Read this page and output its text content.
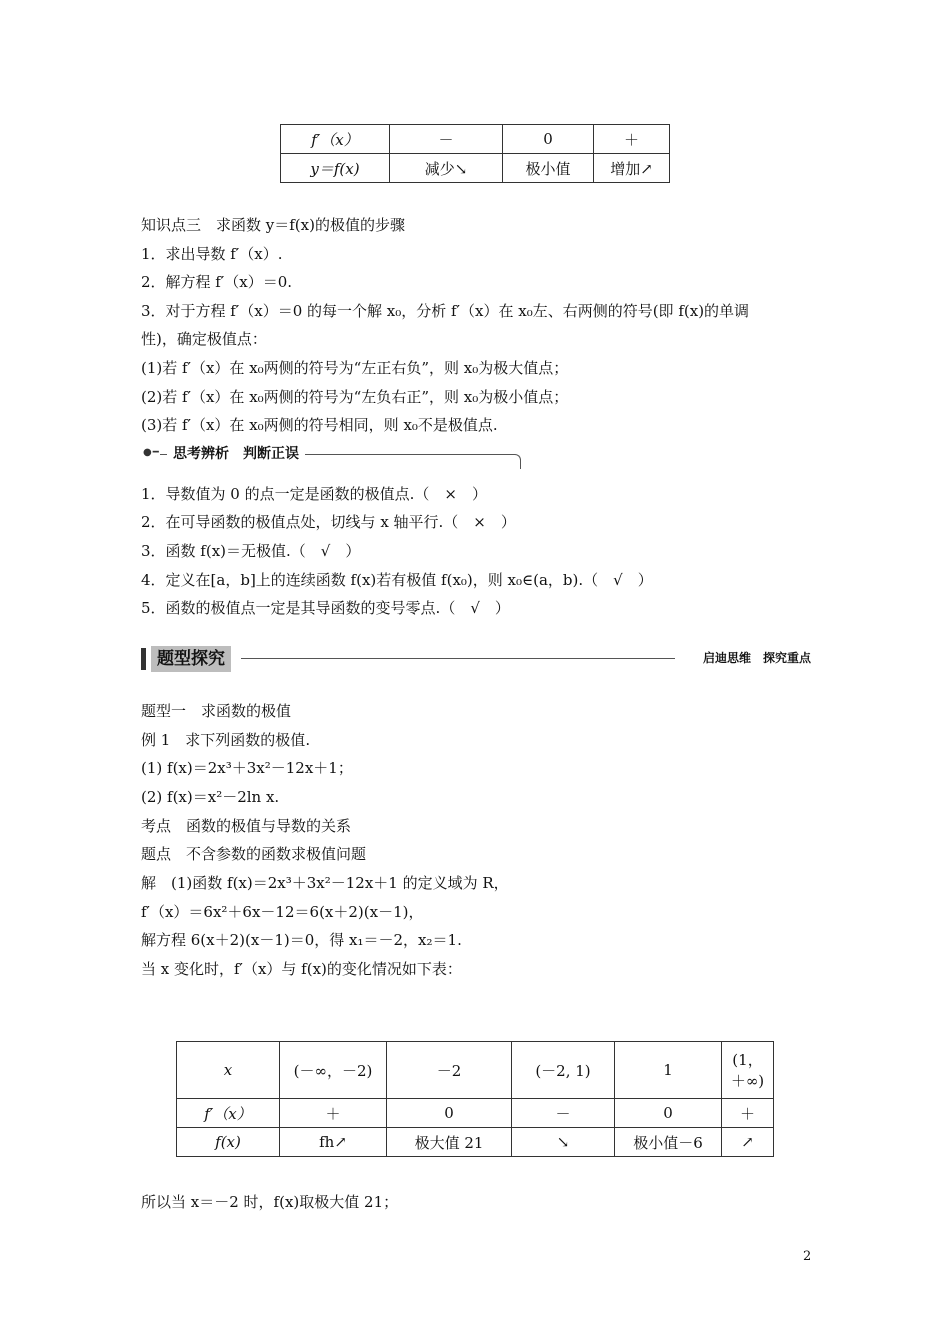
f′（x）	－	0	＋
y＝f(x)	减少↘	极小值	增加↗
知识点三　求函数 y＝f(x)的极值的步骤
1．求出导数 f′（x）.
2．解方程 f′（x）＝0.
3．对于方程 f′（x）＝0 的每一个解 x₀，分析 f′（x）在 x₀左、右两侧的符号(即 f(x)的单调
性)，确定极值点：
(1)若 f′（x）在 x₀两侧的符号为“左正右负”，则 x₀为极大值点；
(2)若 f′（x）在 x₀两侧的符号为“左负右正”，则 x₀为极小值点；
(3)若 f′（x）在 x₀两侧的符号相同，则 x₀不是极值点.
●━ 思考辨析　判断正误
1．导数值为 0 的点一定是函数的极值点.（　×　）
2．在可导函数的极值点处，切线与 x 轴平行.（　×　）
3．函数 f(x)＝无极值.（　√　）
4．定义在[a，b]上的连续函数 f(x)若有极值 f(x₀)，则 x₀∈(a，b).（　√　）
5．函数的极值点一定是其导函数的变号零点.（　√　）
题型探究	启迪思维　探究重点
题型一　求函数的极值
例 1　求下列函数的极值.
(1) f(x)＝2x³＋3x²－12x＋1；
(2) f(x)＝x²－2ln x.
考点　函数的极值与导数的关系
题点　不含参数的函数求极值问题
解　(1)函数 f(x)＝2x³＋3x²－12x＋1 的定义域为 R，
f′（x）＝6x²＋6x－12＝6(x＋2)(x－1)，
解方程 6(x＋2)(x－1)＝0，得 x₁＝－2，x₂＝1.
当 x 变化时，f′（x）与 f(x)的变化情况如下表：
x	(－∞，－2)	－2	(－2, 1)	1	(1，＋∞)
f′（x）	＋	0	－	0	＋
f(x)	fh↗	极大值 21	↘	极小值－6	↗
所以当 x＝－2 时，f(x)取极大值 21；
2
